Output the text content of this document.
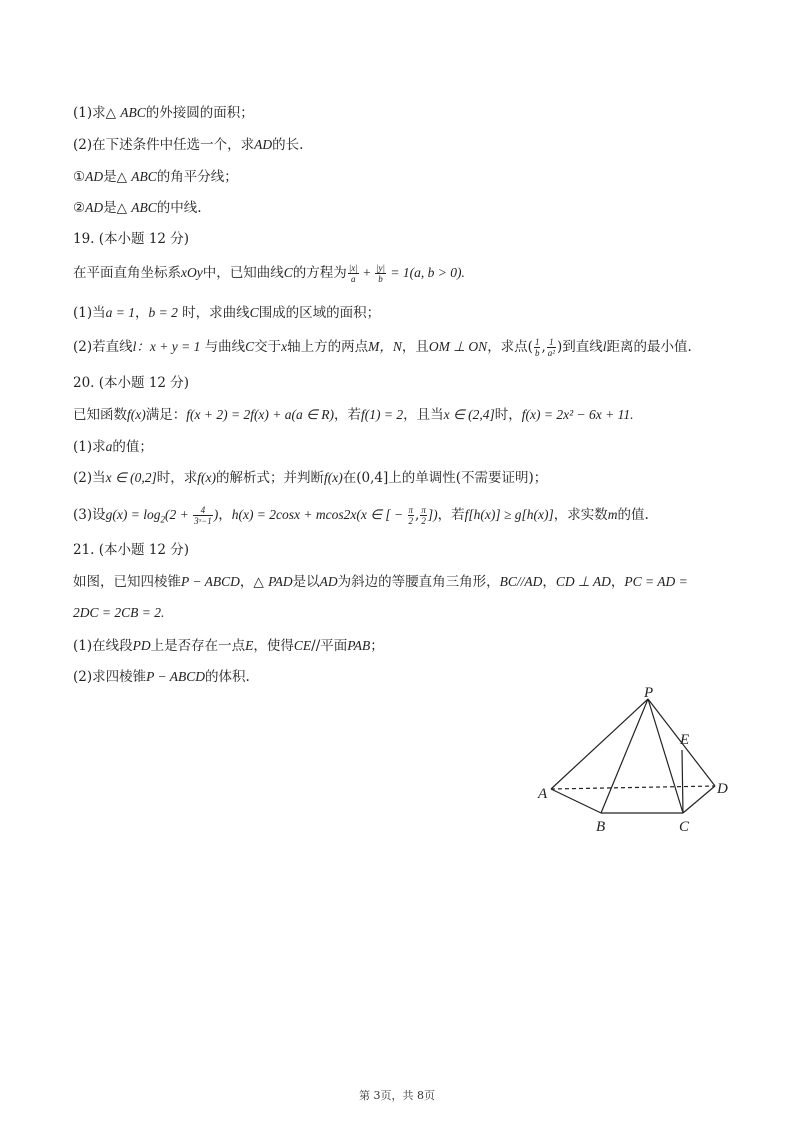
(1)求△ ABC的外接圆的面积；
(2)在下述条件中任选一个，求AD的长.
①AD是△ ABC的角平分线；
②AD是△ ABC的中线.
19. (本小题 12 分)
在平面直角坐标系xOy中，已知曲线C的方程为 $\frac{|x|}{a} + \frac{|y|}{b} = 1(a$, b > 0).
(1)当a = 1，b = 2 时，求曲线C围成的区域的面积；
(2)若直线l：x + y = 1 与曲线C交于x轴上方的两点M，N，且OM ⊥ ON，求点( $\frac{1}{b}$ , $\frac{1}{\text{a²}}$ )到直线l距离的最小值.
20. (本小题 12 分)
已知函数f(x)满足：f(x + 2) = 2f(x) + a(a ∈ R)，若f(1) = 2，且当x ∈ (2,4]时，f(x) = 2x² − 6x + 11.
(1)求a的值；
(2)当x ∈ (0,2]时，求f(x)的解析式；并判断f(x)在(0,4]上的单调性(不需要证明)；
(3)设$g(x) = \log_2(2 + \frac{4}{\text{3ˣ−1}}$ )，h(x) = 2cosx + mcos2x(x ∈ [ − $\frac{\pi}{2}$ , $\frac{\pi}{2}$ ])，若f[h(x)] ≥ g[h(x)]，求实数m的值.
21. (本小题 12 分)
如图，已知四棱锥P − ABCD，△ PAD是以AD为斜边的等腰直角三角形，BC//AD，CD ⊥ AD，PC = AD =
2DC = 2CB = 2.
(1)在线段PD上是否存在一点E，使得CE//平面PAB；
(2)求四棱锥P − ABCD的体积.
P
E
A	D
B	C
第 3页，共 8页
